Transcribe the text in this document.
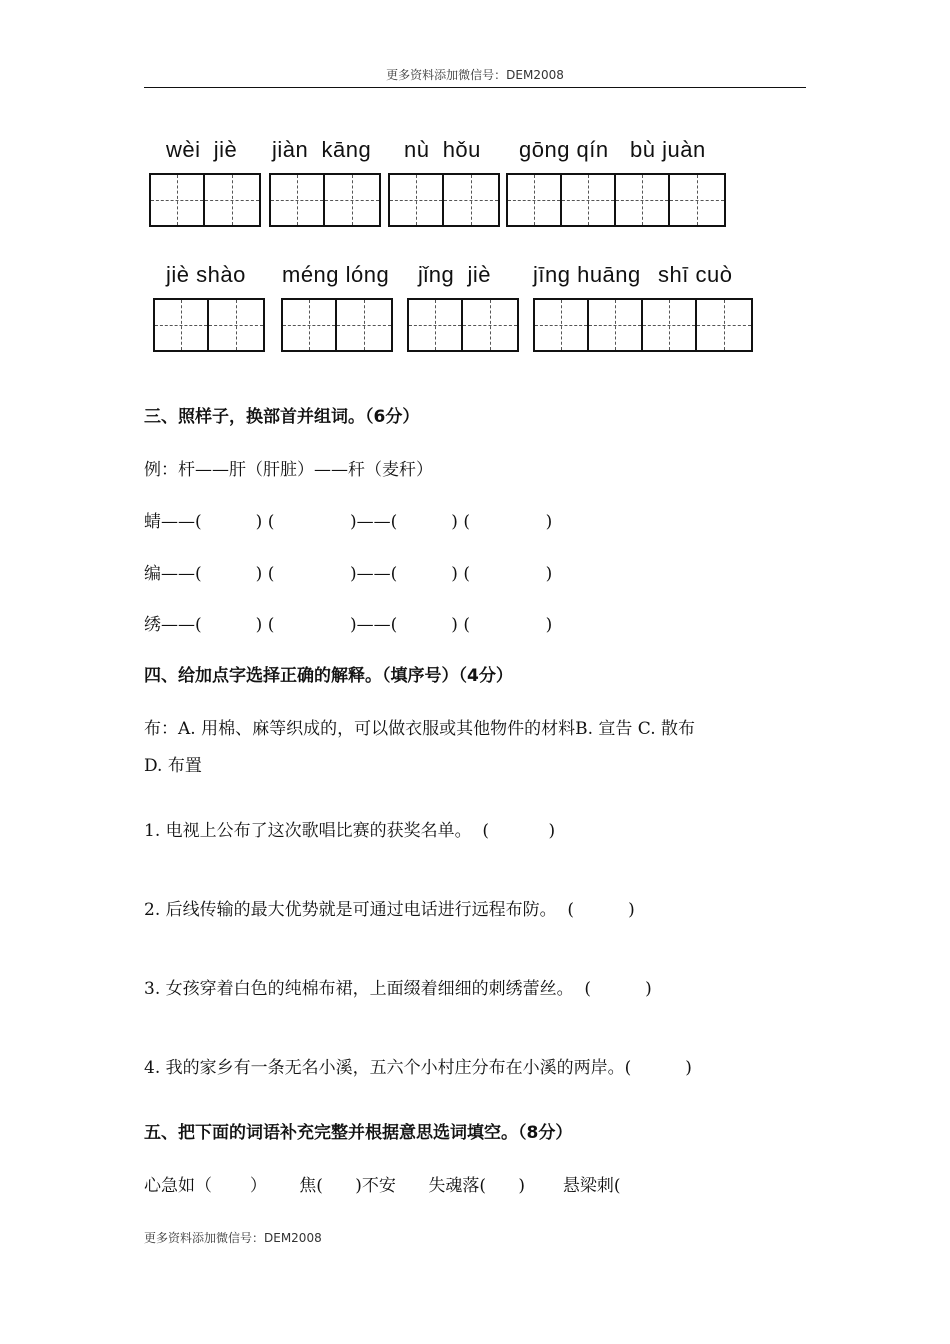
更多资料添加微信号：DEM2008
wèi  jiè jiàn  kāng nù  hǒu gōng qín bù juàn
jiè shào méng lóng jǐng  jiè jīng huāng shī cuò
三、照样子，换部首并组词。（6分）
例：杆——肝（肝脏）——秆（麦秆）
蜻——(          ) (              )——(          ) (              )
编——(          ) (              )——(          ) (              )
绣——(          ) (              )——(          ) (              )
四、给加点字选择正确的解释。（填序号）（4分）
布：A. 用棉、麻等织成的，可以做衣服或其他物件的材料B. 宣告 C. 散布
D. 布置
1. 电视上公布了这次歌唱比赛的获奖名单。  (           )
2. 后线传输的最大优势就是可通过电话进行远程布防。  (          )
3. 女孩穿着白色的纯棉布裙，上面缀着细细的刺绣蕾丝。  (          )
4. 我的家乡有一条无名小溪，五六个小村庄分布在小溪的两岸。(          )
五、把下面的词语补充完整并根据意思选词填空。（8分）
心急如（       ）      焦(      )不安      失魂落(      )       悬梁刺(
更多资料添加微信号：DEM2008
